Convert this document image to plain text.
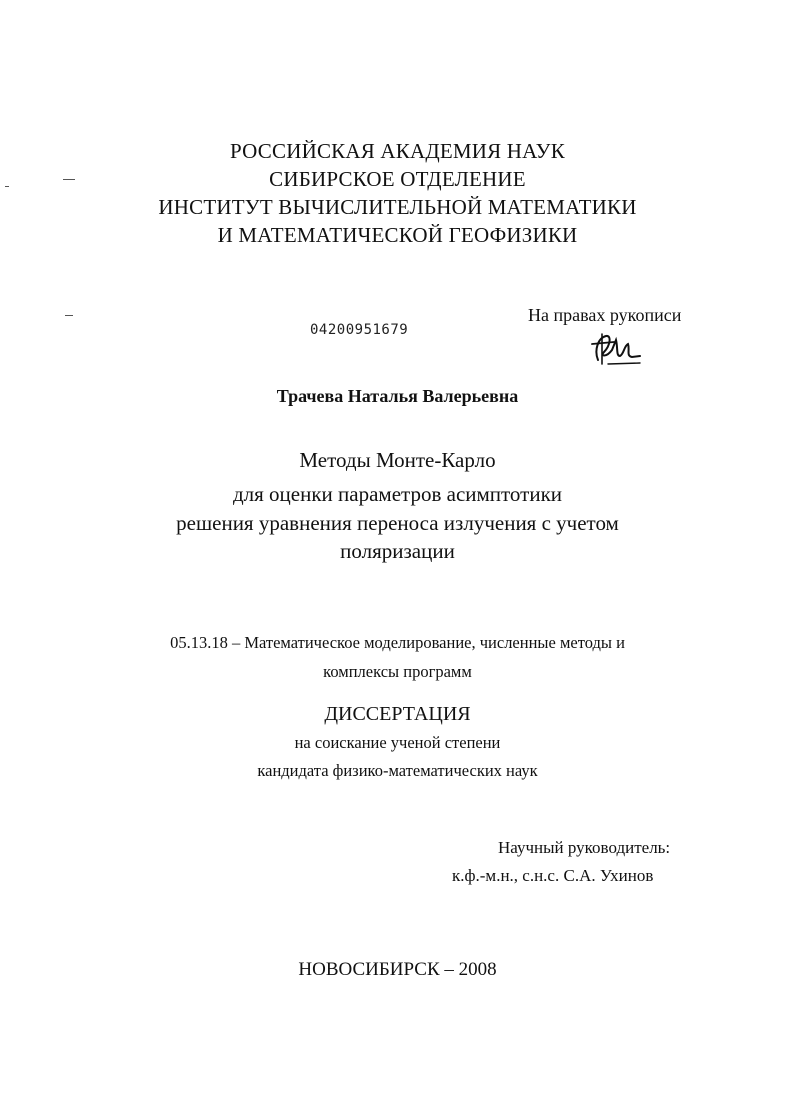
РОССИЙСКАЯ АКАДЕМИЯ НАУК
СИБИРСКОЕ ОТДЕЛЕНИЕ
ИНСТИТУТ ВЫЧИСЛИТЕЛЬНОЙ МАТЕМАТИКИ
И МАТЕМАТИЧЕСКОЙ ГЕОФИЗИКИ
На правах рукописи
04200951679
Трачева Наталья Валерьевна
Методы Монте-Карло
для оценки параметров асимптотики
решения уравнения переноса излучения с учетом
поляризации
05.13.18 – Математическое моделирование, численные методы и
комплексы программ
ДИССЕРТАЦИЯ
на соискание ученой степени
кандидата физико-математических наук
Научный руководитель:
к.ф.-м.н., с.н.с. С.А. Ухинов
НОВОСИБИРСК – 2008
